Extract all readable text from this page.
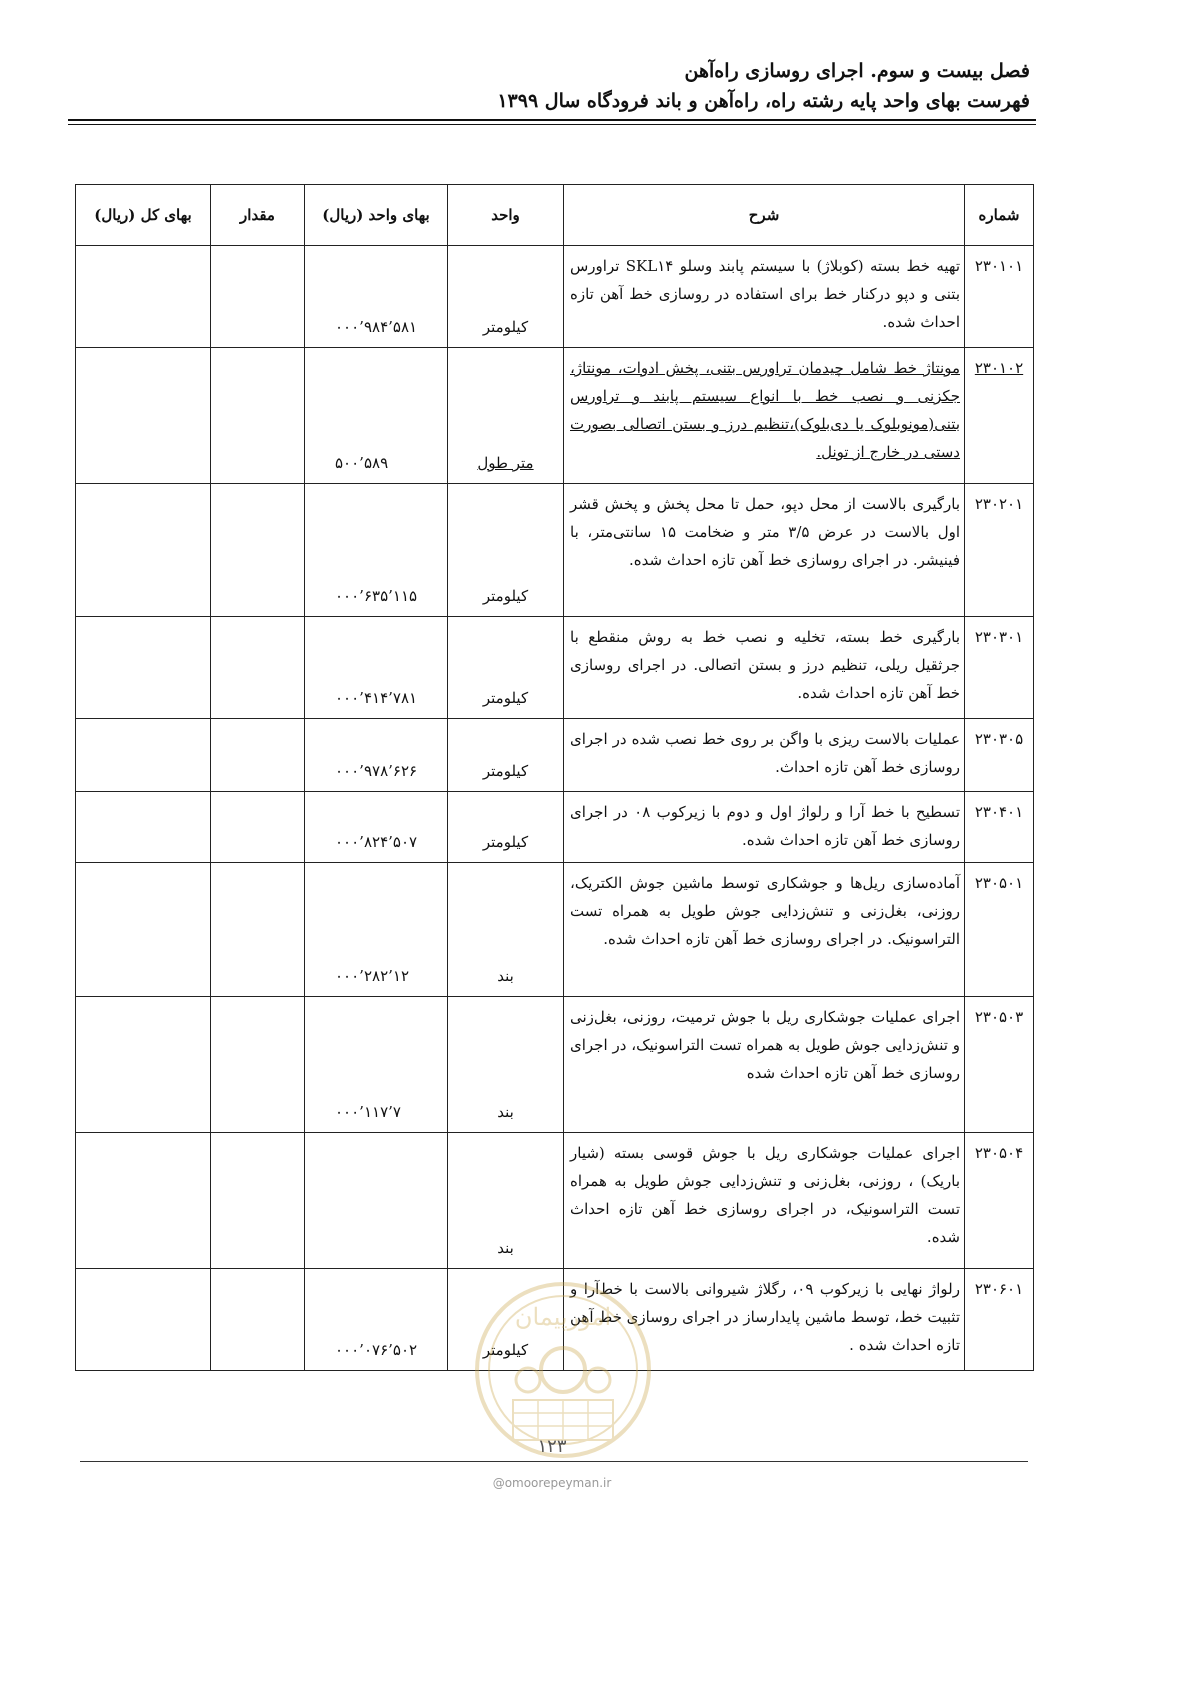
فصل بیست و سوم. اجرای روسازی راه‌آهن
فهرست بهای واحد پایه رشته راه، راه‌آهن و باند فرودگاه سال ۱۳۹۹
شماره	شرح	واحد	بهای واحد (ریال)	مقدار	بهای کل (ریال)
۲۳۰۱۰۱	تهیه خط بسته (کوبلاژ) با سیستم پابند وسلو SKL۱۴ تراورس بتنی و دپو درکنار خط برای استفاده در روسازی خط آهن تازه احداث شده.	کیلومتر	۵۸۱’۹۸۴’۰۰۰		
۲۳۰۱۰۲	مونتاژ خط شامل چیدمان تراورس بتنی، پخش ادوات، مونتاژ، جکزنی و نصب خط با انواع سیستم پابند و تراورس بتنی(مونوبلوک یا دی‌بلوک)،تنظیم درز و بستن اتصالی بصورت دستی در خارج از تونل.	متر طول	۵۸۹’۵۰۰		
۲۳۰۲۰۱	بارگیری بالاست از محل دپو، حمل تا محل پخش و پخش قشر اول بالاست در عرض ۳/۵ متر و ضخامت ۱۵ سانتی‌متر، با فینیشر. در اجرای روسازی خط آهن تازه احداث شده.	کیلومتر	۱۱۵’۶۳۵’۰۰۰		
۲۳۰۳۰۱	بارگیری خط بسته، تخلیه و نصب خط به روش منقطع با جرثقیل ریلی، تنظیم درز و بستن اتصالی. در اجرای روسازی خط آهن تازه احداث شده.	کیلومتر	۷۸۱’۴۱۴’۰۰۰		
۲۳۰۳۰۵	عملیات بالاست ریزی با واگن بر روی خط نصب شده در اجرای روسازی خط آهن تازه احداث.	کیلومتر	۶۲۶’۹۷۸’۰۰۰		
۲۳۰۴۰۱	تسطیح با خط آرا و رلواژ اول و دوم با زیرکوب ۰۸ در اجرای روسازی خط آهن تازه احداث شده.	کیلومتر	۵۰۷’۸۲۴’۰۰۰		
۲۳۰۵۰۱	آماده‌سازی ریل‌ها و جوشکاری توسط ماشین جوش الکتریک، روزنی، بغل‌زنی و تنش‌زدایی جوش طویل به همراه تست التراسونیک. در اجرای روسازی خط آهن تازه احداث شده.	بند	۱۲’۲۸۲’۰۰۰		
۲۳۰۵۰۳	اجرای عملیات جوشکاری ریل با جوش ترمیت، روزنی، بغل‌زنی و تنش‌زدایی جوش طویل به همراه تست التراسونیک، در اجرای روسازی خط آهن تازه احداث شده	بند	۷’۱۱۷’۰۰۰		
۲۳۰۵۰۴	اجرای عملیات جوشکاری ریل با جوش قوسی بسته (شیار باریک) ، روزنی، بغل‌زنی و تنش‌زدایی جوش طویل به همراه تست التراسونیک، در اجرای روسازی خط آهن تازه احداث شده.	بند			
۲۳۰۶۰۱	رلواژ نهایی با زیرکوب ۰۹، رگلاژ شیروانی بالاست با خط‌آرا و تثبیت خط، توسط ماشین پایدارساز در اجرای روسازی خط آهن تازه احداث شده .	کیلومتر	۵۰۲’۰۷۶’۰۰۰		
امورپیمان
۱۲۳
@omoorepeyman.ir
